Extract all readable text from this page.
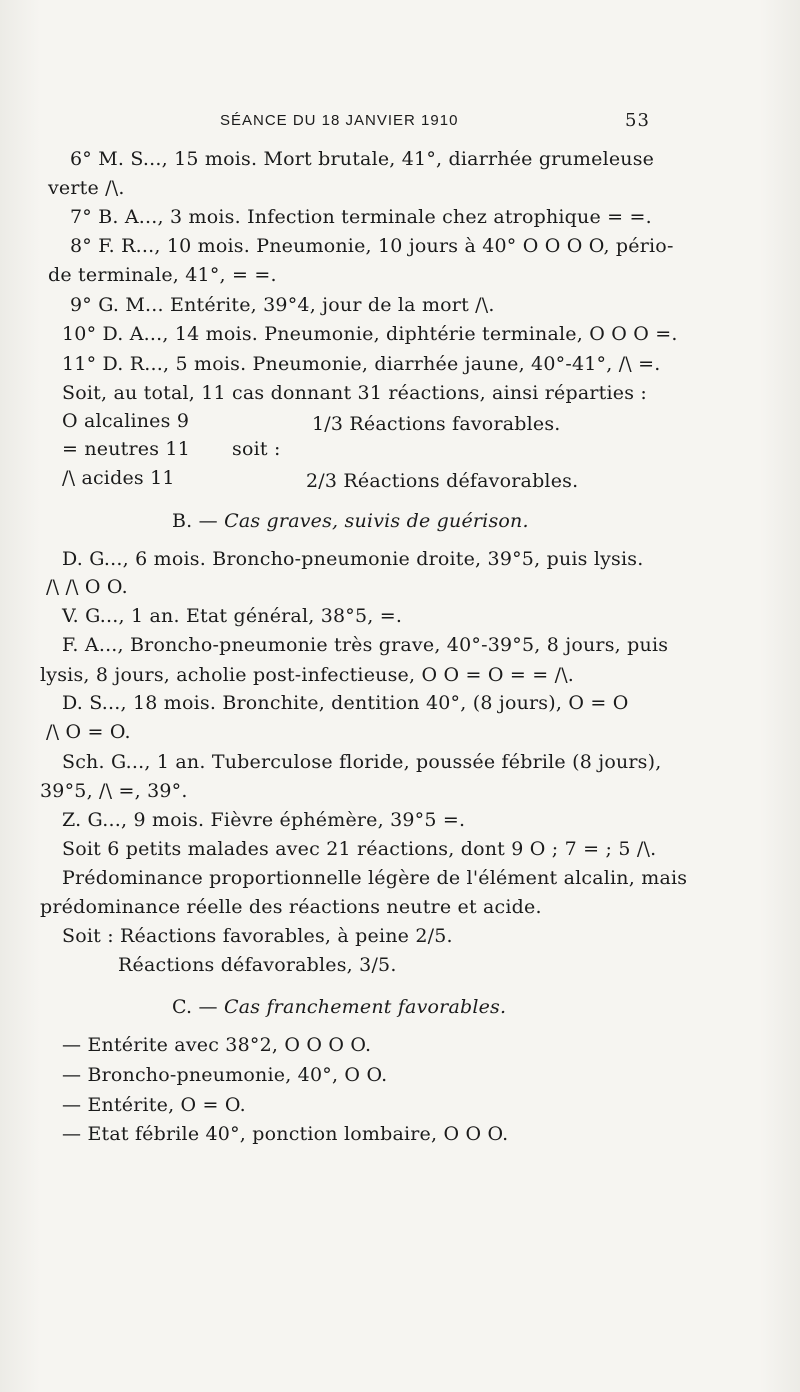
SÉANCE DU 18 JANVIER 1910	53
6° M. S..., 15 mois. Mort brutale, 41°, diarrhée grumeleuse
verte /\.
7° B. A..., 3 mois. Infection terminale chez atrophique = =.
8° F. R..., 10 mois. Pneumonie, 10 jours à 40° O O O O, pério-
de terminale, 41°, = =.
9° G. M... Entérite, 39°4, jour de la mort /\.
10° D. A..., 14 mois. Pneumonie, diphtérie terminale, O O O =.
11° D. R..., 5 mois. Pneumonie, diarrhée jaune, 40°-41°, /\ =.
Soit, au total, 11 cas donnant 31 réactions, ainsi réparties :
O alcalines 9
= neutres 11
/\ acides 11
soit :
1/3 Réactions favorables.
2/3 Réactions défavorables.
B. — Cas graves, suivis de guérison.
D. G..., 6 mois. Broncho-pneumonie droite, 39°5, puis lysis.
/\ /\ O O.
V. G..., 1 an. Etat général, 38°5, =.
F. A..., Broncho-pneumonie très grave, 40°-39°5, 8 jours, puis
lysis, 8 jours, acholie post-infectieuse, O O = O = = /\.
D. S..., 18 mois. Bronchite, dentition 40°, (8 jours), O = O
/\ O = O.
Sch. G..., 1 an. Tuberculose floride, poussée fébrile (8 jours),
39°5, /\ =, 39°.
Z. G..., 9 mois. Fièvre éphémère, 39°5 =.
Soit 6 petits malades avec 21 réactions, dont 9 O ; 7 = ; 5 /\.
Prédominance proportionnelle légère de l'élément alcalin, mais
prédominance réelle des réactions neutre et acide.
Soit : Réactions favorables, à peine 2/5.
Réactions défavorables, 3/5.
C. — Cas franchement favorables.
— Entérite avec 38°2, O O O O.
— Broncho-pneumonie, 40°, O O.
— Entérite, O = O.
— Etat fébrile 40°, ponction lombaire, O O O.
